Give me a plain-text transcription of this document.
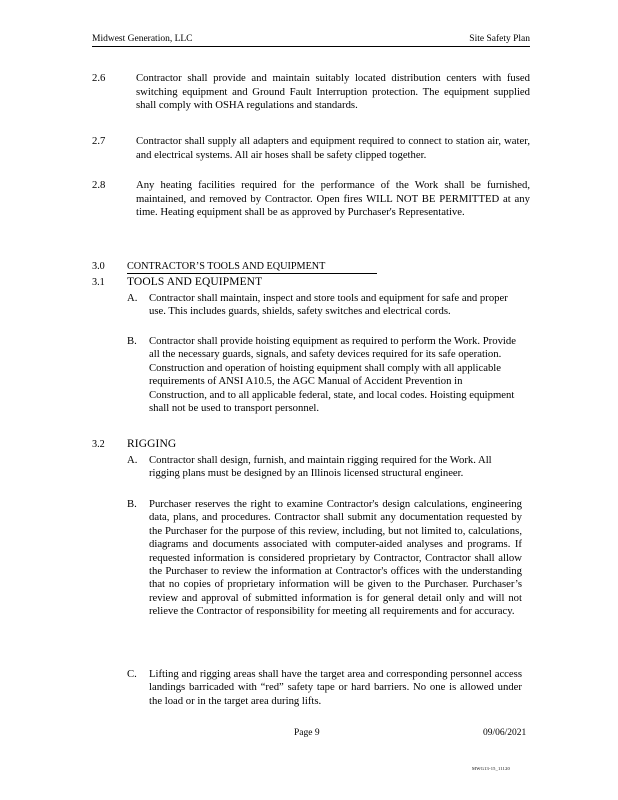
Midwest Generation, LLC	Site Safety Plan
2.6	Contractor shall provide and maintain suitably located distribution centers with fused switching equipment and Ground Fault Interruption protection. The equipment supplied shall comply with OSHA regulations and standards.
2.7	Contractor shall supply all adapters and equipment required to connect to station air, water, and electrical systems. All air hoses shall be safety clipped together.
2.8	Any heating facilities required for the performance of the Work shall be furnished, maintained, and removed by Contractor. Open fires WILL NOT BE PERMITTED at any time. Heating equipment shall be as approved by Purchaser's Representative.
3.0 CONTRACTOR’S TOOLS AND EQUIPMENT
3.1 TOOLS AND EQUIPMENT
A. Contractor shall maintain, inspect and store tools and equipment for safe and proper use. This includes guards, shields, safety switches and electrical cords.
B. Contractor shall provide hoisting equipment as required to perform the Work. Provide all the necessary guards, signals, and safety devices required for its safe operation. Construction and operation of hoisting equipment shall comply with all applicable requirements of ANSI A10.5, the AGC Manual of Accident Prevention in Construction, and to all applicable federal, state, and local codes. Hoisting equipment shall not be used to transport personnel.
3.2 RIGGING
A. Contractor shall design, furnish, and maintain rigging required for the Work. All rigging plans must be designed by an Illinois licensed structural engineer.
B. Purchaser reserves the right to examine Contractor's design calculations, engineering data, plans, and procedures. Contractor shall submit any documentation requested by the Purchaser for the purpose of this review, including, but not limited to, calculations, diagrams and documents associated with computer-aided analyses and programs. If requested information is considered proprietary by Contractor, Contractor shall allow the Purchaser to review the information at Contractor's offices with the understanding that no copies of proprietary information will be given to the Purchaser. Purchaser’s review and approval of submitted information is for general detail only and will not relieve the Contractor of responsibility for meeting all requirements and for accuracy.
C. Lifting and rigging areas shall have the target area and corresponding personnel access landings barricaded with “red” safety tape or hard barriers. No one is allowed under the load or in the target area during lifts.
Page 9	09/06/2021
MWG13-15_11120
